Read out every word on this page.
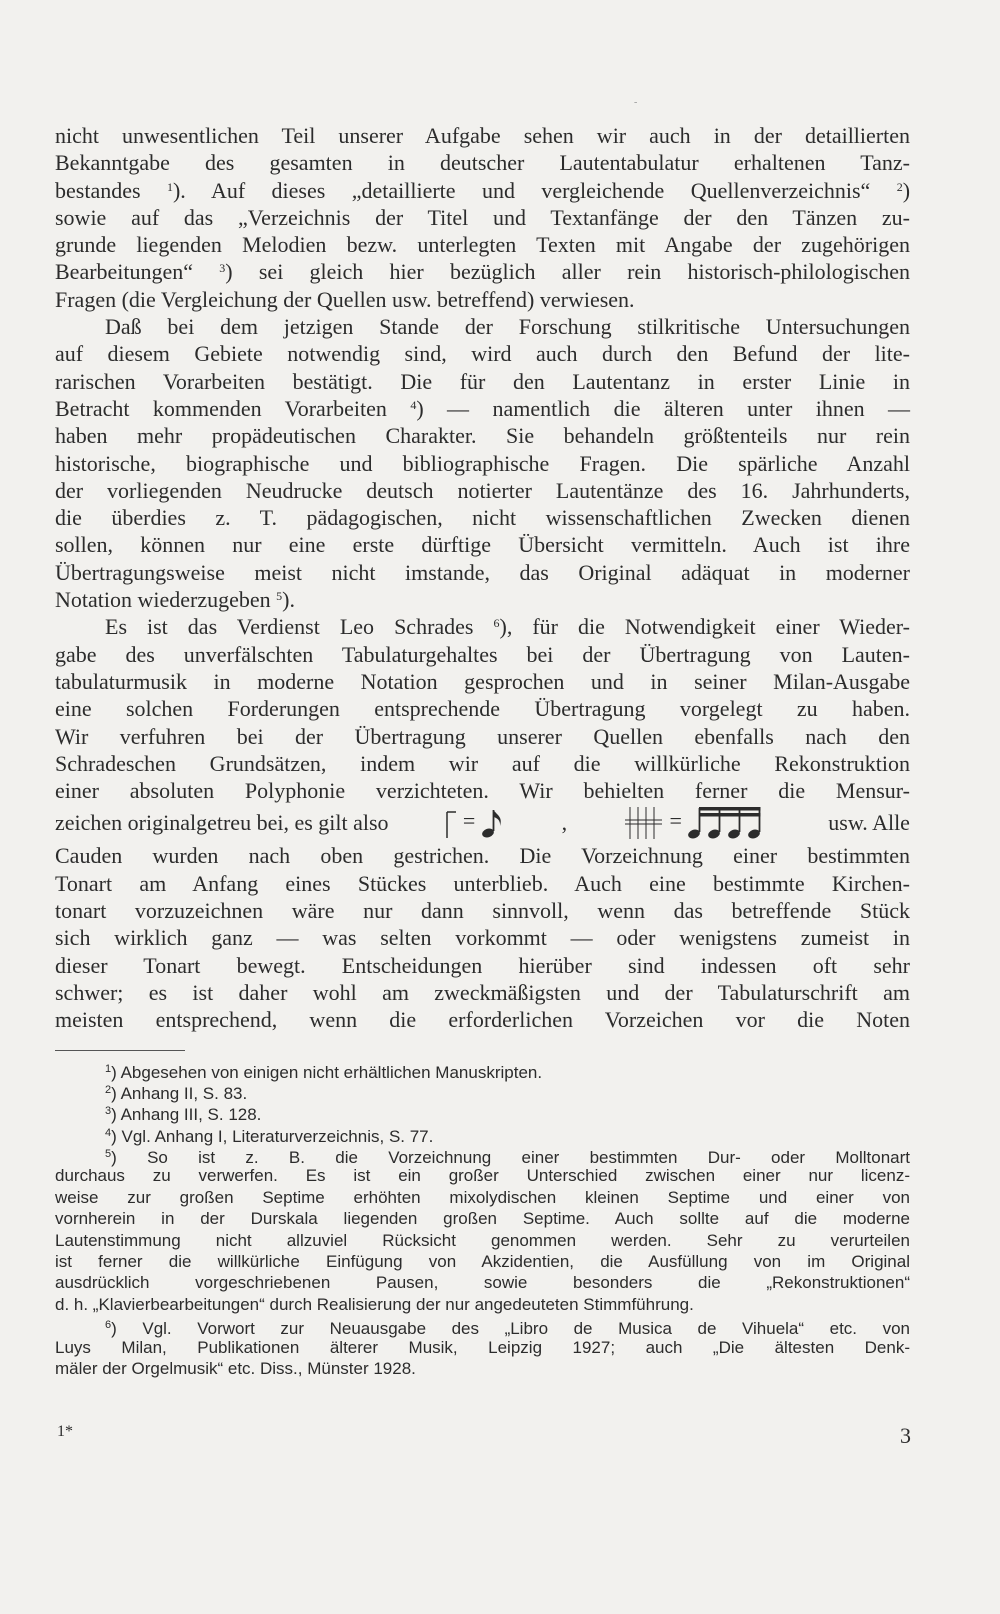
-
nicht unwesentlichen Teil unserer Aufgabe sehen wir auch in der detaillierten
Bekanntgabe des gesamten in deutscher Lautentabulatur erhaltenen Tanz-
bestandes $^1$). Auf dieses „detaillierte und vergleichende Quellenverzeichnis“ $^2$)
sowie auf das „Verzeichnis der Titel und Textanfänge der den Tänzen zu-
grunde liegenden Melodien bezw. unterlegten Texten mit Angabe der zugehörigen
Bearbeitungen“ $^3$) sei gleich hier bezüglich aller rein historisch-philologischen
Fragen (die Vergleichung der Quellen usw. betreffend) verwiesen.
Daß bei dem jetzigen Stande der Forschung stilkritische Untersuchungen
auf diesem Gebiete notwendig sind, wird auch durch den Befund der lite-
rarischen Vorarbeiten bestätigt. Die für den Lautentanz in erster Linie in
Betracht kommenden Vorarbeiten $^4$) — namentlich die älteren unter ihnen —
haben mehr propädeutischen Charakter. Sie behandeln größtenteils nur rein
historische, biographische und bibliographische Fragen. Die spärliche Anzahl
der vorliegenden Neudrucke deutsch notierter Lautentänze des 16. Jahrhunderts,
die überdies z. T. pädagogischen, nicht wissenschaftlichen Zwecken dienen
sollen, können nur eine erste dürftige Übersicht vermitteln. Auch ist ihre
Übertragungsweise meist nicht imstande, das Original adäquat in moderner
Notation wiederzugeben $^5$).
Es ist das Verdienst Leo Schrades $^6$), für die Notwendigkeit einer Wieder-
gabe des unverfälschten Tabulaturgehaltes bei der Übertragung von Lauten-
tabulaturmusik in moderne Notation gesprochen und in seiner Milan-Ausgabe
eine solchen Forderungen entsprechende Übertragung vorgelegt zu haben.
Wir verfuhren bei der Übertragung unserer Quellen ebenfalls nach den
Schradeschen Grundsätzen, indem wir auf die willkürliche Rekonstruktion
einer absoluten Polyphonie verzichteten. Wir behielten ferner die Mensur-
zeichen originalgetreu bei, es gilt also	=	,	=	usw. Alle
Cauden wurden nach oben gestrichen. Die Vorzeichnung einer bestimmten
Tonart am Anfang eines Stückes unterblieb. Auch eine bestimmte Kirchen-
tonart vorzuzeichnen wäre nur dann sinnvoll, wenn das betreffende Stück
sich wirklich ganz — was selten vorkommt — oder wenigstens zumeist in
dieser Tonart bewegt. Entscheidungen hierüber sind indessen oft sehr
schwer; es ist daher wohl am zweckmäßigsten und der Tabulaturschrift am
meisten entsprechend, wenn die erforderlichen Vorzeichen vor die Noten
$^1$) Abgesehen von einigen nicht erhältlichen Manuskripten.
$^2$) Anhang II, S. 83.
$^3$) Anhang III, S. 128.
$^4$) Vgl. Anhang I, Literaturverzeichnis, S. 77.
$^5$) So ist z. B. die Vorzeichnung einer bestimmten Dur- oder Molltonart
durchaus zu verwerfen. Es ist ein großer Unterschied zwischen einer nur licenz-
weise zur großen Septime erhöhten mixolydischen kleinen Septime und einer von
vornherein in der Durskala liegenden großen Septime. Auch sollte auf die moderne
Lautenstimmung nicht allzuviel Rücksicht genommen werden. Sehr zu verurteilen
ist ferner die willkürliche Einfügung von Akzidentien, die Ausfüllung von im Original
ausdrücklich vorgeschriebenen Pausen, sowie besonders die „Rekonstruktionen“
d. h. „Klavierbearbeitungen“ durch Realisierung der nur angedeuteten Stimmführung.
$^6$) Vgl. Vorwort zur Neuausgabe des „Libro de Musica de Vihuela“ etc. von
Luys Milan, Publikationen älterer Musik, Leipzig 1927; auch „Die ältesten Denk-
mäler der Orgelmusik“ etc. Diss., Münster 1928.
1*	3
